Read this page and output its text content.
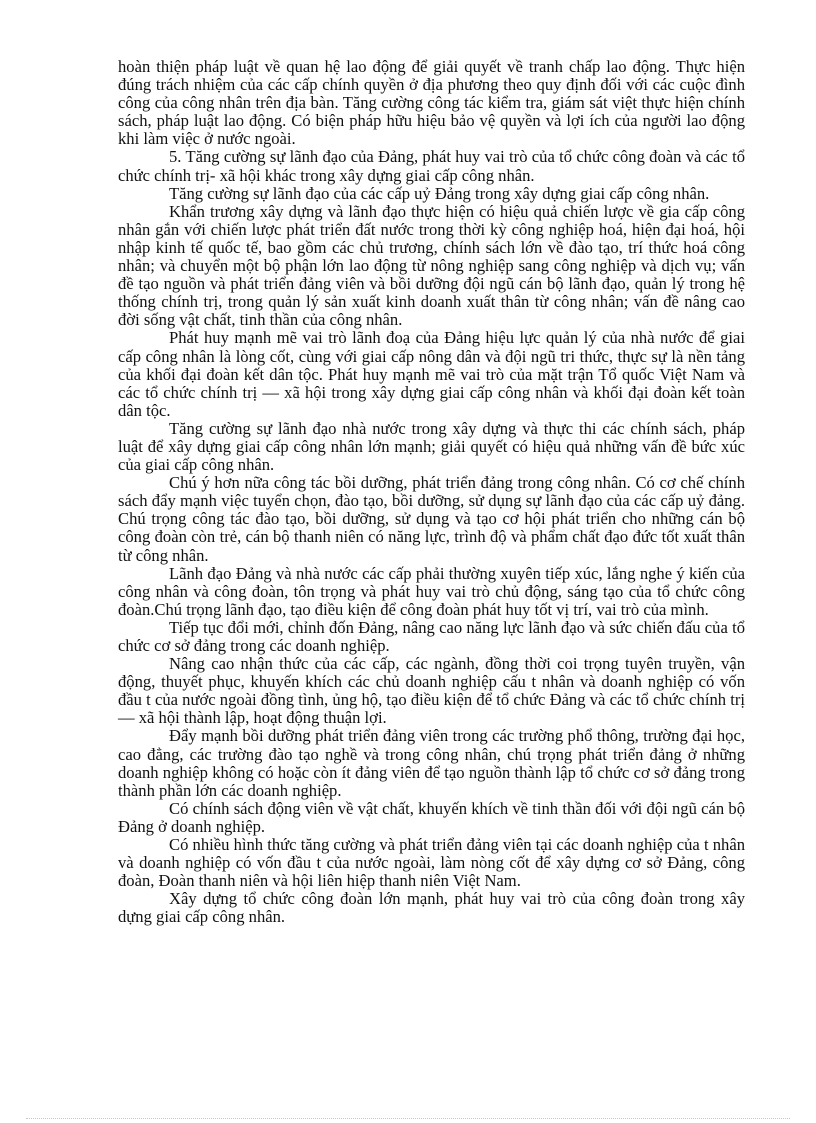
hoàn thiện pháp luật về quan hệ lao động để giải quyết về tranh chấp lao động. Thực hiện đúng trách nhiệm của các cấp chính quyền ở địa phương theo quy định đối với các cuộc đình công của công nhân trên địa bàn. Tăng cường công tác kiểm tra, giám sát việt thực hiện chính sách, pháp luật lao động. Có biện pháp hữu hiệu bảo vệ quyền và lợi ích của người lao động khi làm việc ở nước ngoài.

5. Tăng cường sự lãnh đạo của Đảng, phát huy vai trò của tổ chức công đoàn và các tổ chức chính trị- xã hội khác trong xây dựng giai cấp công nhân.

Tăng cường sự lãnh đạo của các cấp uỷ Đảng trong xây dựng giai cấp công nhân.

Khẩn trương xây dựng và lãnh đạo thực hiện có hiệu quả chiến lược về gia cấp công nhân gắn với chiến lược phát triển đất nước trong thời kỳ công nghiệp hoá, hiện đại hoá, hội nhập kinh tế quốc tế, bao gồm các chủ trương, chính sách lớn về đào tạo, trí thức hoá công nhân; và chuyển một bộ phận lớn lao động từ nông nghiệp sang công nghiệp và dịch vụ; vấn đề tạo nguồn và phát triển đảng viên và bồi dưỡng đội ngũ cán bộ lãnh đạo, quản lý trong hệ thống chính trị, trong quản lý sản xuất kinh doanh xuất thân từ công nhân; vấn đề nâng cao đời sống vật chất, tinh thần của công nhân.

Phát huy mạnh mẽ vai trò lãnh đoạ của Đảng hiệu lực quản lý của nhà nước để giai cấp công nhân là lòng cốt, cùng với giai cấp nông dân và đội ngũ tri thức, thực sự là nền tảng của khối đại đoàn kết dân tộc. Phát huy mạnh mẽ vai trò của mặt trận Tổ quốc Việt Nam và các tổ chức chính trị — xã hội trong xây dựng giai cấp công nhân và khối đại đoàn kết toàn dân tộc.

Tăng cường sự lãnh đạo nhà nước trong xây dựng và thực thi các chính sách, pháp luật để xây dựng giai cấp công nhân lớn mạnh; giải quyết có hiệu quả những vấn đề bức xúc của giai cấp công nhân.

Chú ý hơn nữa công tác bồi dưỡng, phát triển đảng trong công nhân. Có cơ chế chính sách đẩy mạnh việc tuyển chọn, đào tạo, bồi dưỡng, sử dụng sự lãnh đạo của các cấp uỷ đảng. Chú trọng công tác đào tạo, bồi dưỡng, sử dụng và tạo cơ hội phát triển cho những cán bộ công đoàn còn trẻ, cán bộ thanh niên có năng lực, trình độ và phẩm chất đạo đức tốt xuất thân từ công nhân.

Lãnh đạo Đảng và nhà nước các cấp phải thường xuyên tiếp xúc, lắng nghe ý kiến của công nhân và công đoàn, tôn trọng và phát huy vai trò chủ động, sáng tạo của tổ chức công đoàn.Chú trọng lãnh đạo, tạo điều kiện để công đoàn phát huy tốt vị trí, vai trò của mình.

Tiếp tục đổi mới, chỉnh đốn Đảng, nâng cao năng lực lãnh đạo và sức chiến đấu của tổ chức cơ sở đảng trong các doanh nghiệp.

Nâng cao nhận thức của các cấp, các ngành, đồng thời coi trọng tuyên truyền, vận động, thuyết phục, khuyến khích các chủ doanh nghiệp cấu t nhân và doanh nghiệp có vốn đầu t của nước ngoài đồng tình, ủng hộ, tạo điều kiện để tổ chức Đảng và các tổ chức chính trị — xã hội thành lập, hoạt động thuận lợi.

Đẩy mạnh bồi dưỡng phát triển đảng viên trong các trường phổ thông, trường đại học, cao đẳng, các trường đào tạo nghề và trong công nhân, chú trọng phát triển đảng ở những doanh nghiệp không có hoặc còn ít đảng viên để tạo nguồn thành lập tổ chức cơ sở đảng trong thành phần lớn các doanh nghiệp.

Có chính sách động viên về vật chất, khuyến khích về tinh thần đối với đội ngũ cán bộ Đảng ở doanh nghiệp.

Có nhiều hình thức tăng cường và phát triển đảng viên tại các doanh nghiệp của t nhân và doanh nghiệp có vốn đầu t của nước ngoài, làm nòng cốt để xây dựng cơ sở Đảng, công đoàn, Đoàn thanh niên và hội liên hiệp thanh niên Việt Nam.

Xây dựng tổ chức công đoàn lớn mạnh, phát huy vai trò của công đoàn trong xây dựng giai cấp công nhân.
